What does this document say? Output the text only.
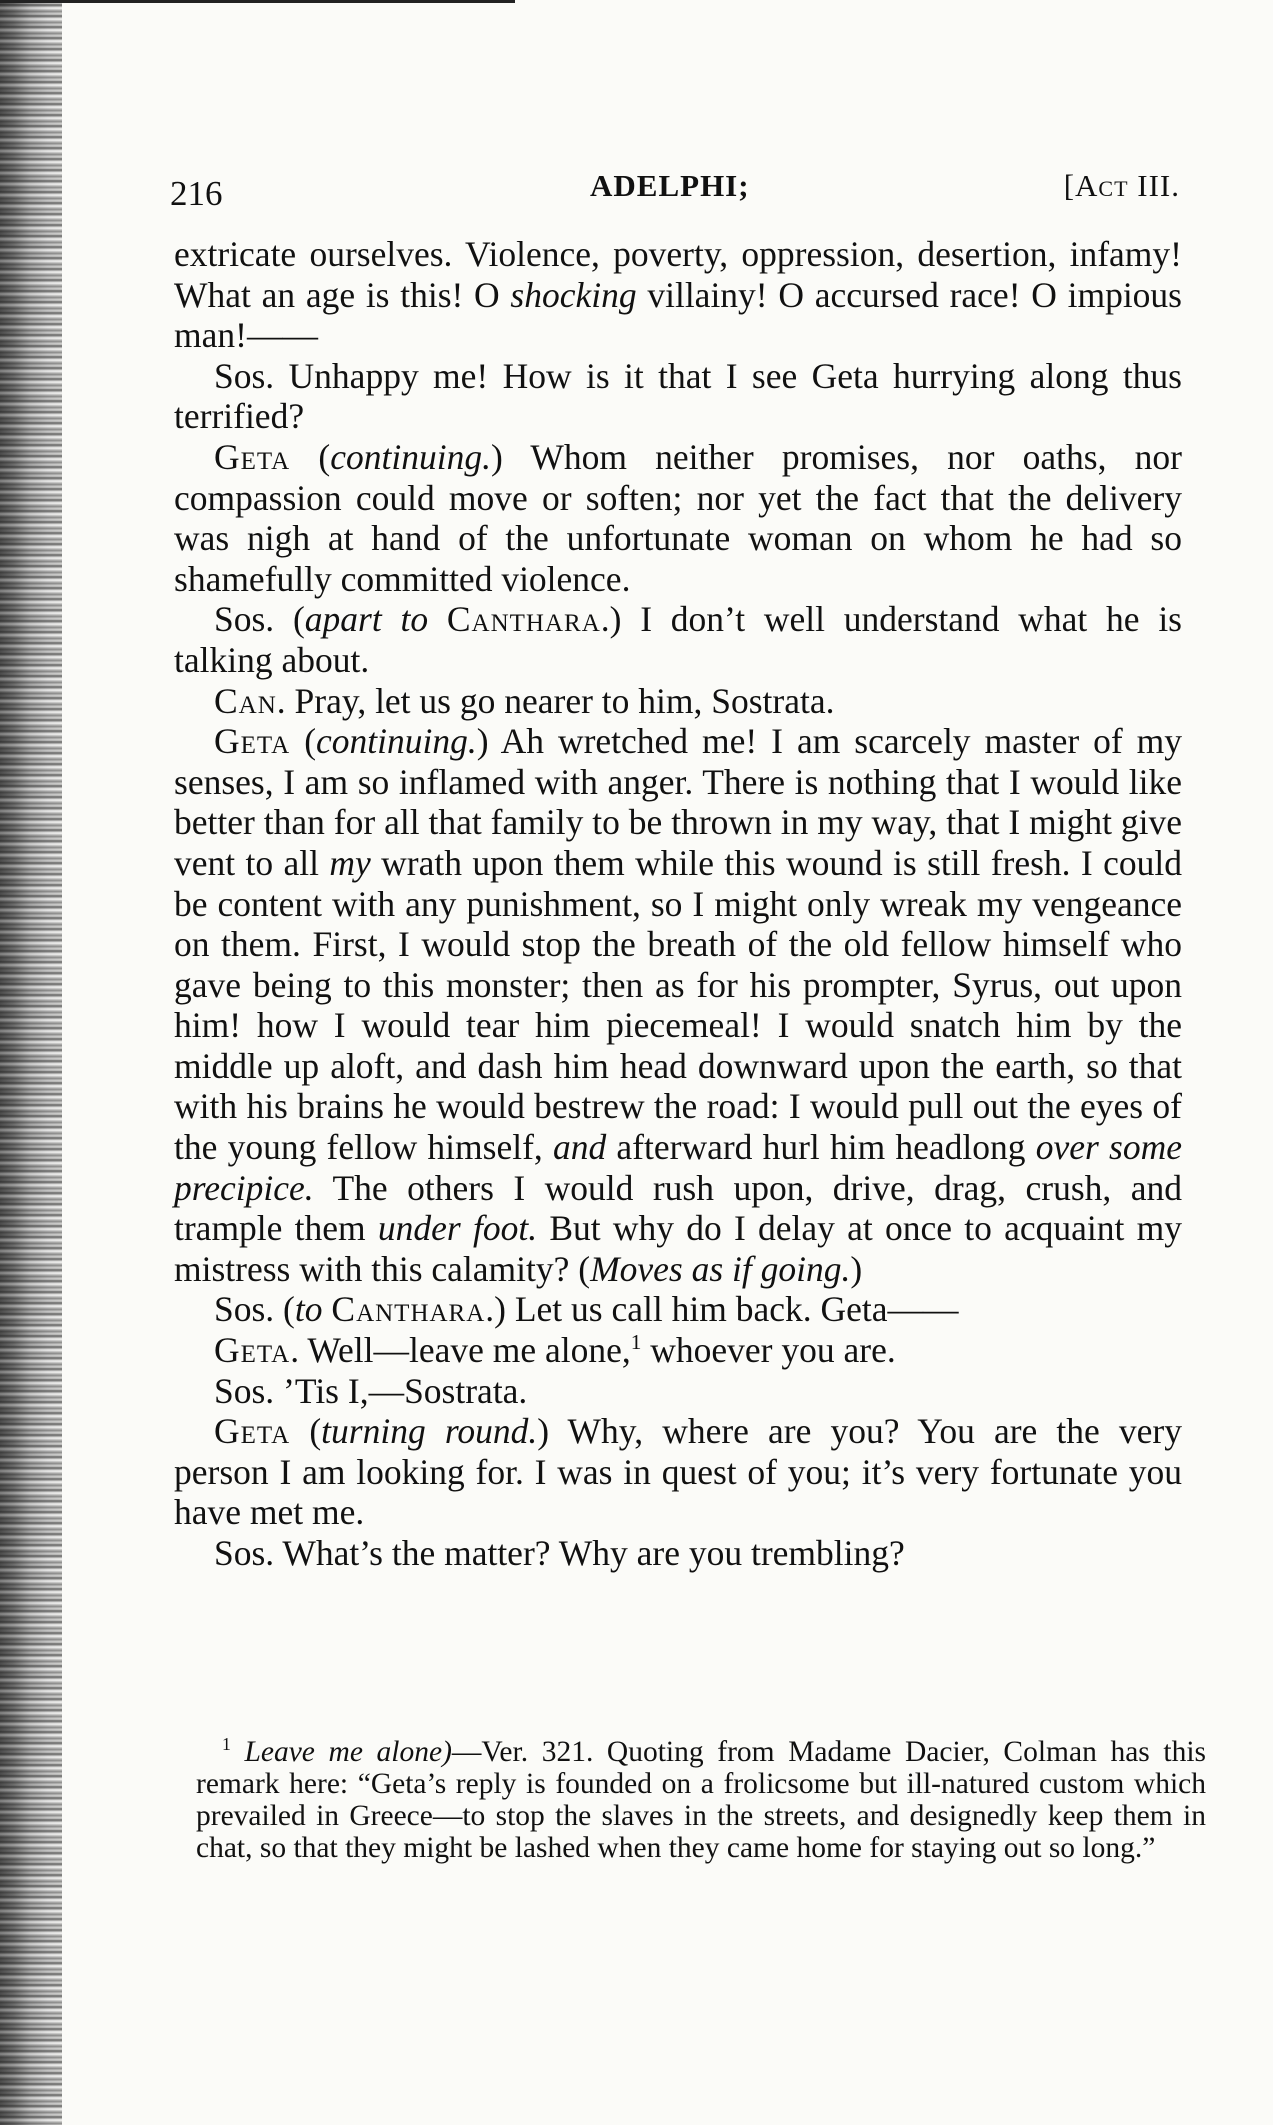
216	ADELPHI;	[Act III.

extricate ourselves. Violence, poverty, oppression, desertion, infamy! What an age is this! O shocking villainy! O accursed race! O impious man!——

Sos. Unhappy me! How is it that I see Geta hurrying along thus terrified?

Geta (continuing.) Whom neither promises, nor oaths, nor compassion could move or soften; nor yet the fact that the delivery was nigh at hand of the unfortunate woman on whom he had so shamefully committed violence.

Sos. (apart to Canthara.) I don’t well understand what he is talking about.

Can. Pray, let us go nearer to him, Sostrata.

Geta (continuing.) Ah wretched me! I am scarcely master of my senses, I am so inflamed with anger. There is nothing that I would like better than for all that family to be thrown in my way, that I might give vent to all my wrath upon them while this wound is still fresh. I could be content with any punishment, so I might only wreak my vengeance on them. First, I would stop the breath of the old fellow himself who gave being to this monster; then as for his prompter, Syrus, out upon him! how I would tear him piecemeal! I would snatch him by the middle up aloft, and dash him head downward upon the earth, so that with his brains he would bestrew the road: I would pull out the eyes of the young fellow himself, and afterward hurl him headlong over some precipice. The others I would rush upon, drive, drag, crush, and trample them under foot. But why do I delay at once to acquaint my mistress with this calamity? (Moves as if going.)

Sos. (to Canthara.) Let us call him back. Geta——

Geta. Well—leave me alone,$^1$ whoever you are.

Sos. ’Tis I,—Sostrata.

Geta (turning round.) Why, where are you? You are the very person I am looking for. I was in quest of you; it’s very fortunate you have met me.

Sos. What’s the matter? Why are you trembling?

$^1$ Leave me alone)—Ver. 321. Quoting from Madame Dacier, Colman has this remark here: “Geta’s reply is founded on a frolicsome but ill-natured custom which prevailed in Greece—to stop the slaves in the streets, and designedly keep them in chat, so that they might be lashed when they came home for staying out so long.”
